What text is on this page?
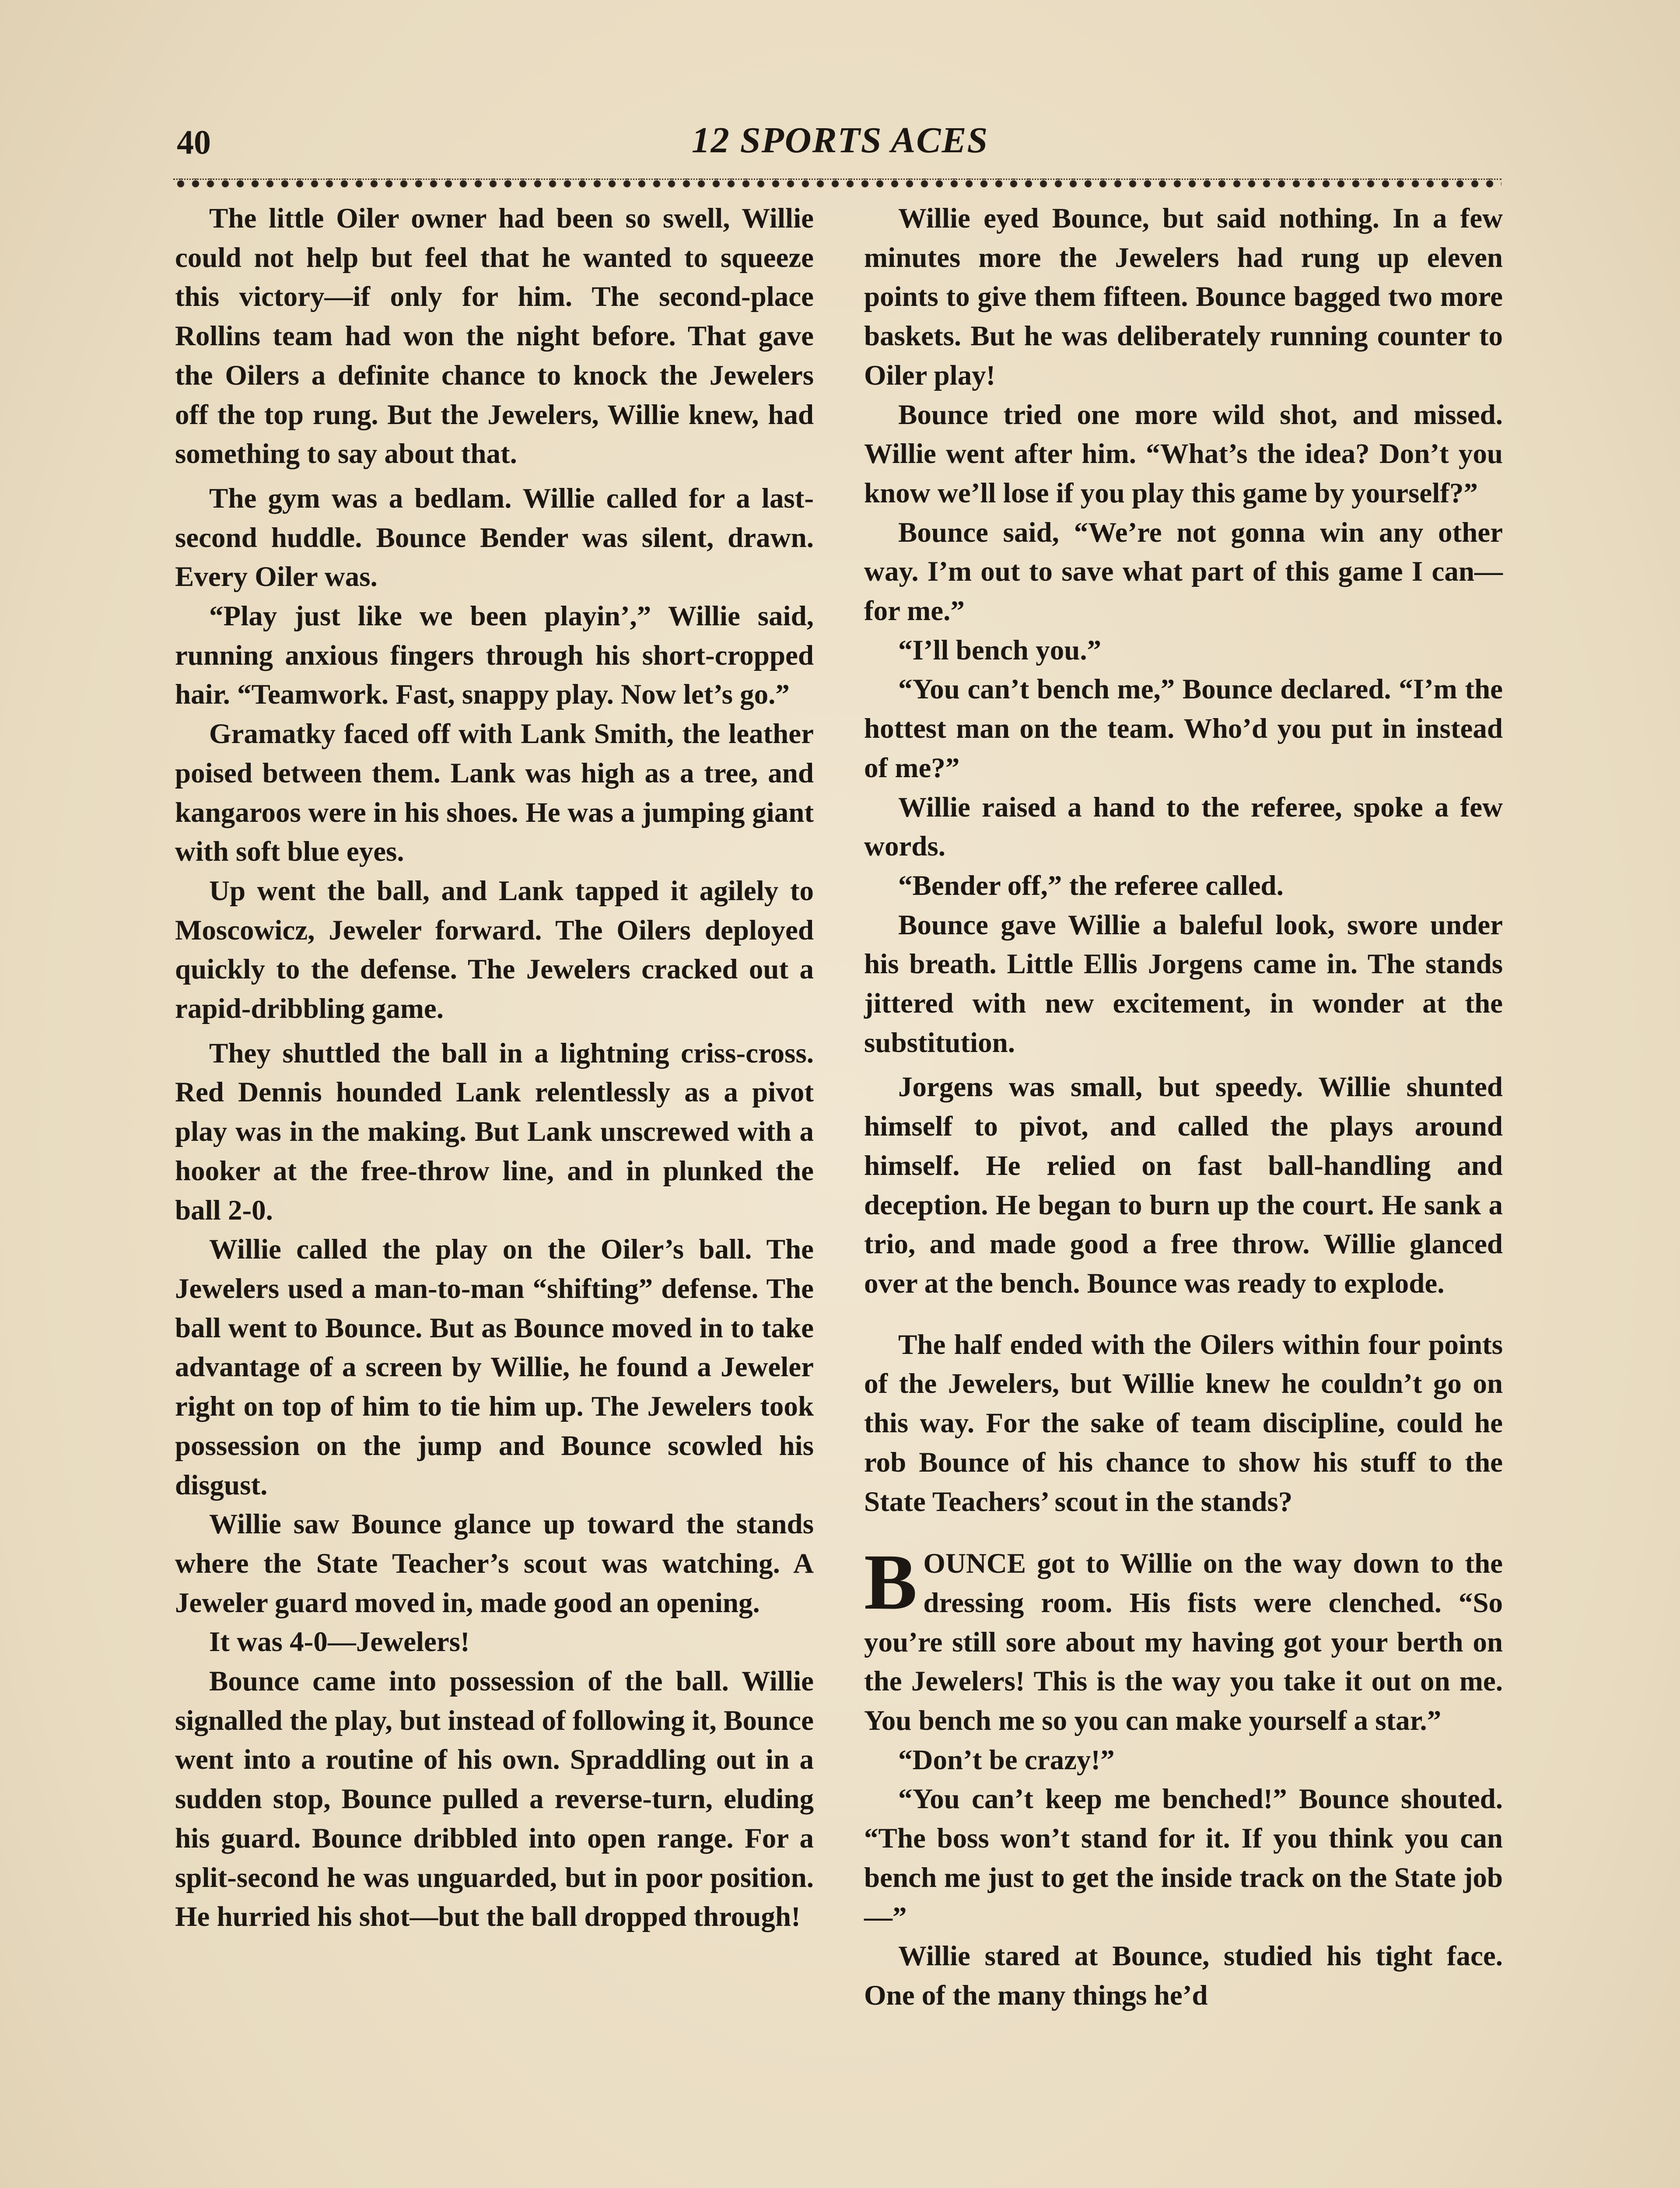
40	12 SPORTS ACES

The little Oiler owner had been so swell, Willie could not help but feel that he wanted to squeeze this victory—if only for him. The second-place Rollins team had won the night before. That gave the Oilers a definite chance to knock the Jewelers off the top rung. But the Jewelers, Willie knew, had something to say about that.

The gym was a bedlam. Willie called for a last-second huddle. Bounce Bender was silent, drawn. Every Oiler was.

“Play just like we been playin’,” Willie said, running anxious fingers through his short-cropped hair. “Teamwork. Fast, snappy play. Now let’s go.”

Gramatky faced off with Lank Smith, the leather poised between them. Lank was high as a tree, and kangaroos were in his shoes. He was a jumping giant with soft blue eyes.

Up went the ball, and Lank tapped it agilely to Moscowicz, Jeweler forward. The Oilers deployed quickly to the defense. The Jewelers cracked out a rapid-dribbling game.

They shuttled the ball in a lightning criss-cross. Red Dennis hounded Lank relentlessly as a pivot play was in the making. But Lank unscrewed with a hooker at the free-throw line, and in plunked the ball 2-0.

Willie called the play on the Oiler’s ball. The Jewelers used a man-to-man “shifting” defense. The ball went to Bounce. But as Bounce moved in to take advantage of a screen by Willie, he found a Jeweler right on top of him to tie him up. The Jewelers took possession on the jump and Bounce scowled his disgust.

Willie saw Bounce glance up toward the stands where the State Teacher’s scout was watching. A Jeweler guard moved in, made good an opening.

It was 4-0—Jewelers!

Bounce came into possession of the ball. Willie signalled the play, but instead of following it, Bounce went into a routine of his own. Spraddling out in a sudden stop, Bounce pulled a reverse-turn, eluding his guard. Bounce dribbled into open range. For a split-second he was unguarded, but in poor position. He hurried his shot—but the ball dropped through!

Willie eyed Bounce, but said nothing. In a few minutes more the Jewelers had rung up eleven points to give them fifteen. Bounce bagged two more baskets. But he was deliberately running counter to Oiler play!

Bounce tried one more wild shot, and missed. Willie went after him. “What’s the idea? Don’t you know we’ll lose if you play this game by yourself?”

Bounce said, “We’re not gonna win any other way. I’m out to save what part of this game I can—for me.”

“I’ll bench you.”

“You can’t bench me,” Bounce declared. “I’m the hottest man on the team. Who’d you put in instead of me?”

Willie raised a hand to the referee, spoke a few words.

“Bender off,” the referee called.

Bounce gave Willie a baleful look, swore under his breath. Little Ellis Jorgens came in. The stands jittered with new excitement, in wonder at the substitution.

Jorgens was small, but speedy. Willie shunted himself to pivot, and called the plays around himself. He relied on fast ball-handling and deception. He began to burn up the court. He sank a trio, and made good a free throw. Willie glanced over at the bench. Bounce was ready to explode.

The half ended with the Oilers within four points of the Jewelers, but Willie knew he couldn’t go on this way. For the sake of team discipline, could he rob Bounce of his chance to show his stuff to the State Teachers’ scout in the stands?

BOUNCE got to Willie on the way down to the dressing room. His fists were clenched. “So you’re still sore about my having got your berth on the Jewelers! This is the way you take it out on me. You bench me so you can make yourself a star.”

“Don’t be crazy!”

“You can’t keep me benched!” Bounce shouted. “The boss won’t stand for it. If you think you can bench me just to get the inside track on the State job—”

Willie stared at Bounce, studied his tight face. One of the many things he’d
